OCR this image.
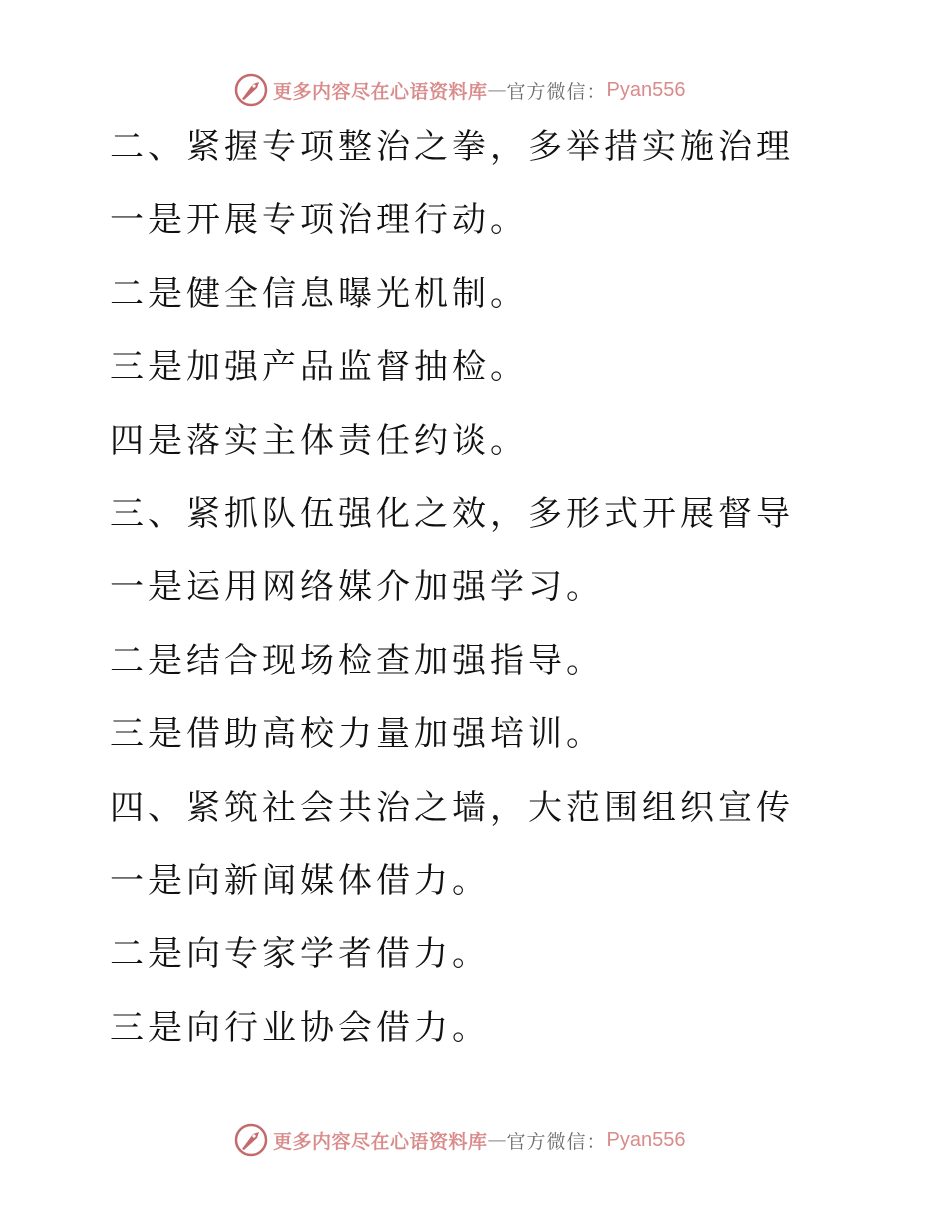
更多内容尽在心语资料库 — 官方微信： Pyan556
二、紧握专项整治之拳，多举措实施治理
一是开展专项治理行动。
二是健全信息曝光机制。
三是加强产品监督抽检。
四是落实主体责任约谈。
三、紧抓队伍强化之效，多形式开展督导
一是运用网络媒介加强学习。
二是结合现场检查加强指导。
三是借助高校力量加强培训。
四、紧筑社会共治之墙，大范围组织宣传
一是向新闻媒体借力。
二是向专家学者借力。
三是向行业协会借力。
更多内容尽在心语资料库 — 官方微信： Pyan556
